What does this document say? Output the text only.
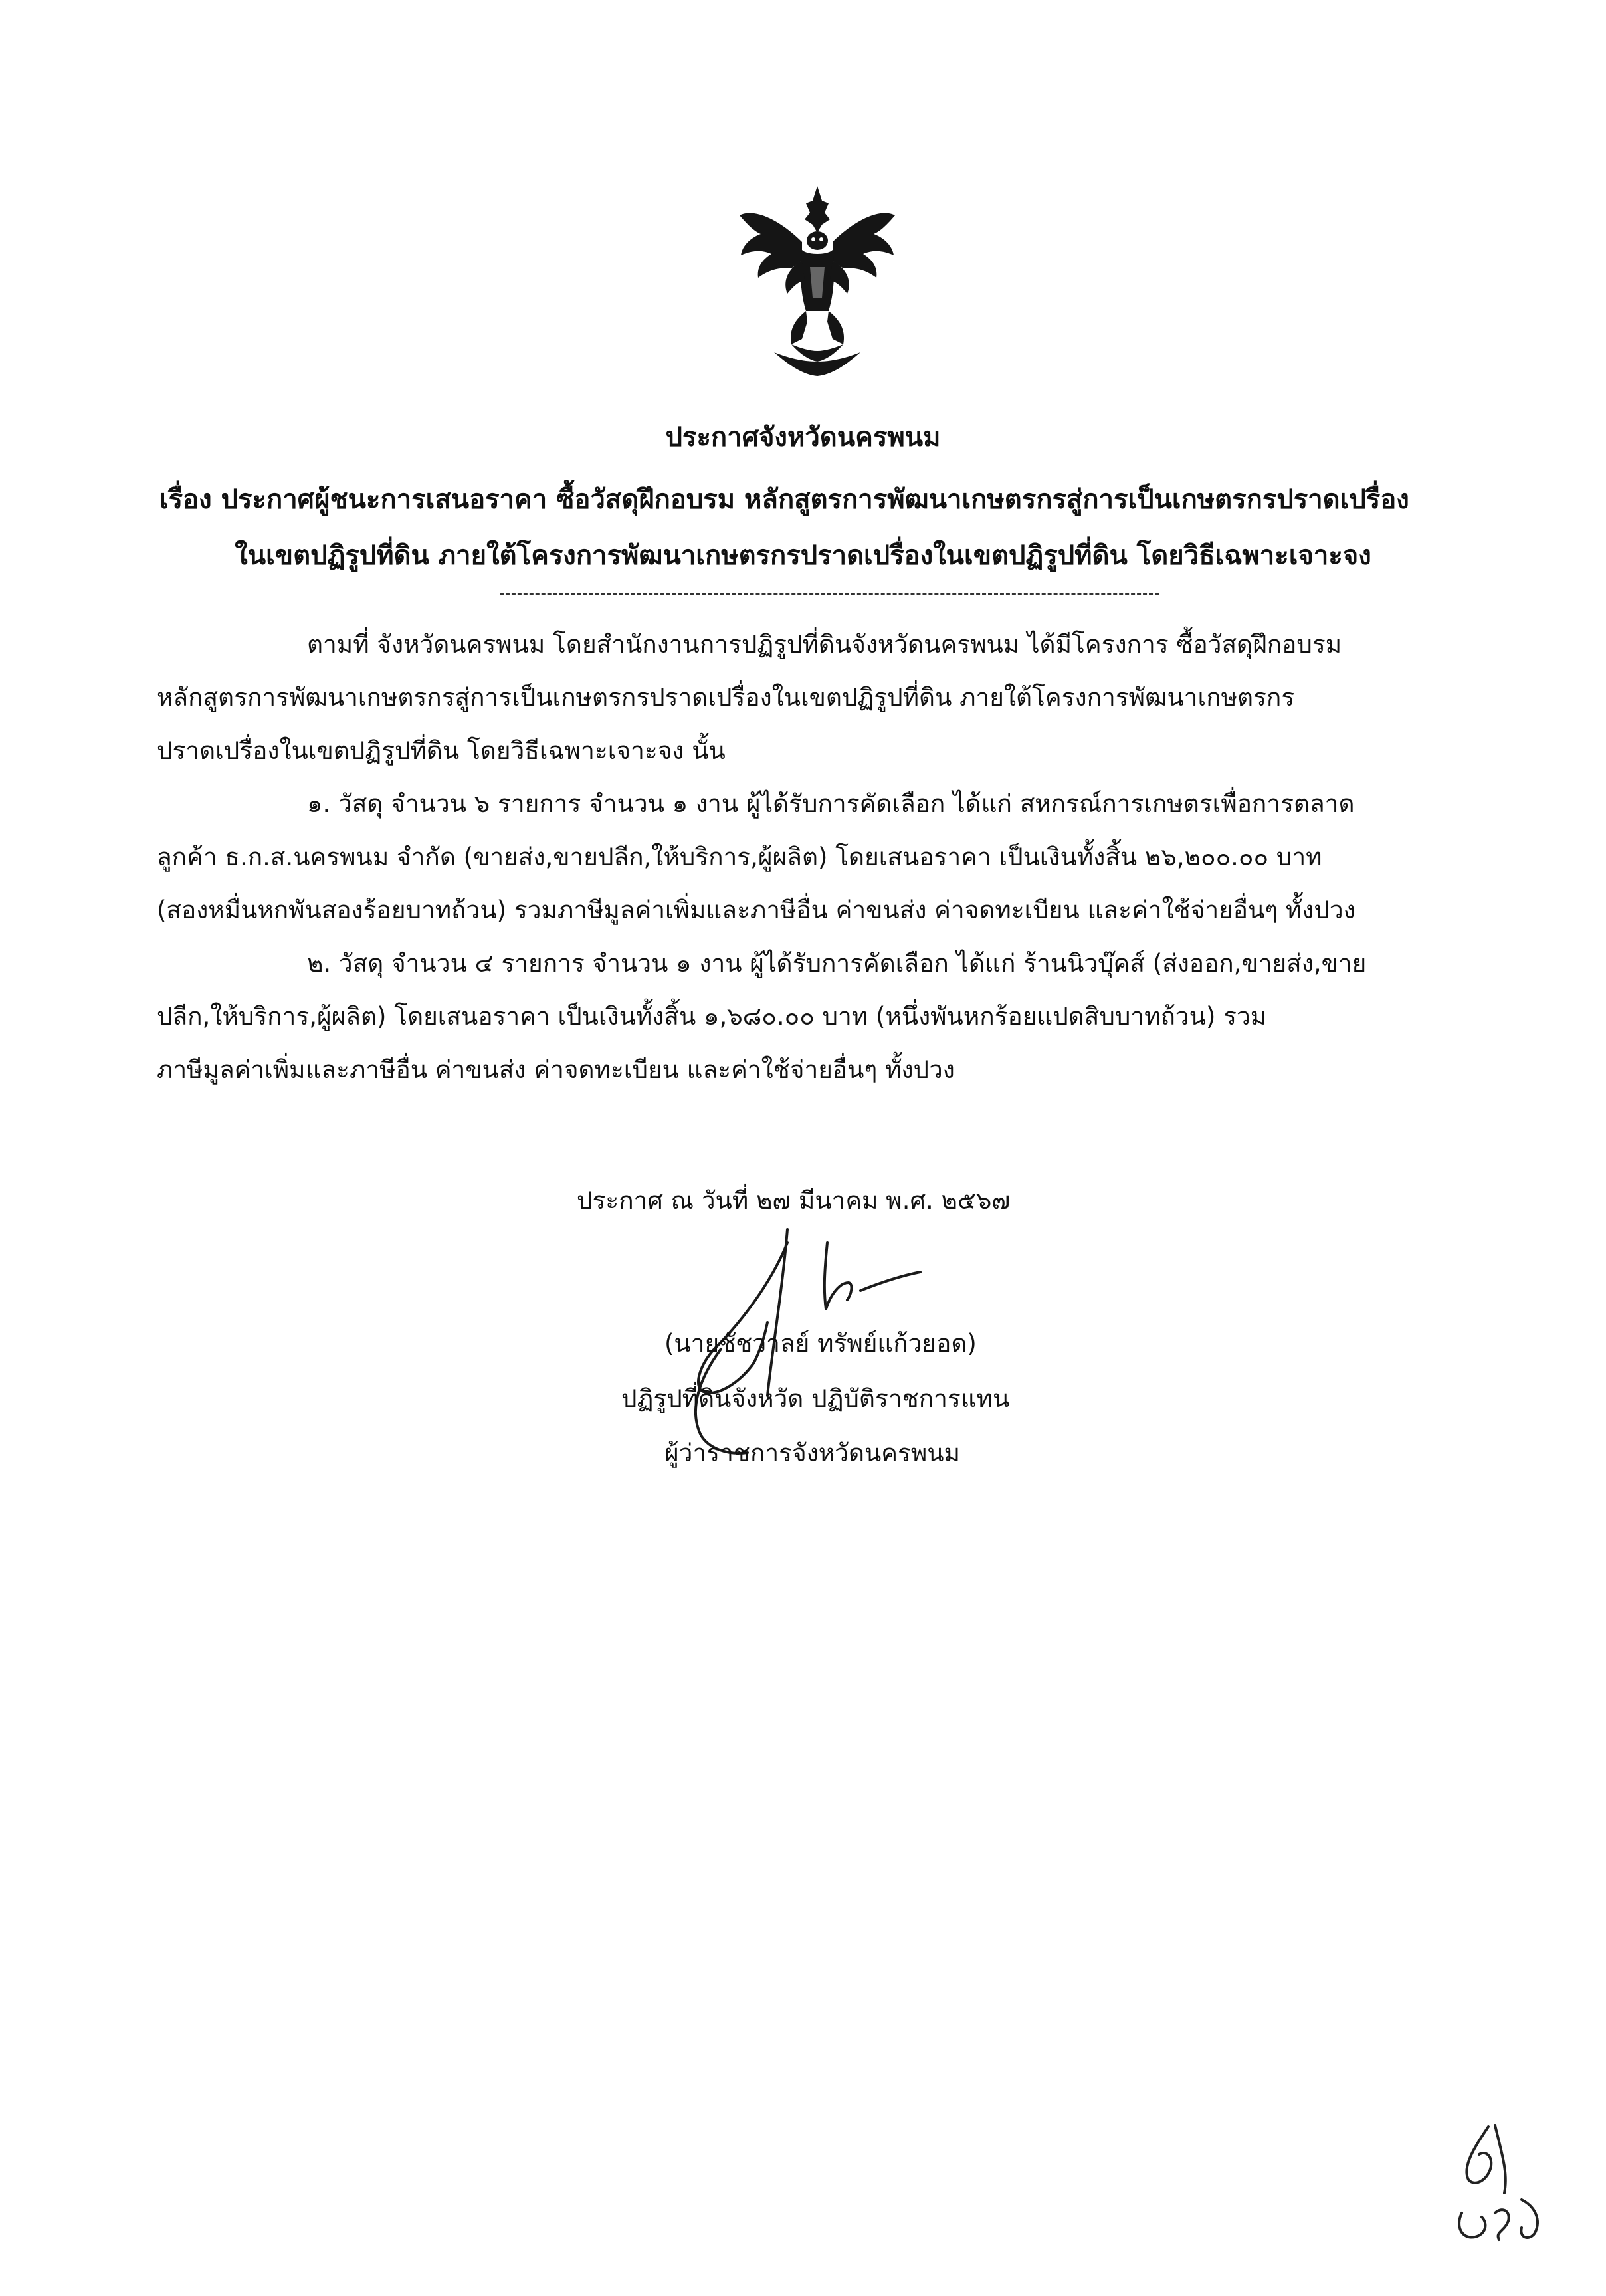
ประกาศจังหวัดนครพนม
เรื่อง ประกาศผู้ชนะการเสนอราคา ซื้อวัสดุฝึกอบรม หลักสูตรการพัฒนาเกษตรกรสู่การเป็นเกษตรกรปราดเปรื่อง
ในเขตปฏิรูปที่ดิน ภายใต้โครงการพัฒนาเกษตรกรปราดเปรื่องในเขตปฏิรูปที่ดิน โดยวิธีเฉพาะเจาะจง
ตามที่ จังหวัดนครพนม โดยสำนักงานการปฏิรูปที่ดินจังหวัดนครพนม ได้มีโครงการ ซื้อวัสดุฝึกอบรม
หลักสูตรการพัฒนาเกษตรกรสู่การเป็นเกษตรกรปราดเปรื่องในเขตปฏิรูปที่ดิน ภายใต้โครงการพัฒนาเกษตรกร
ปราดเปรื่องในเขตปฏิรูปที่ดิน โดยวิธีเฉพาะเจาะจง นั้น
๑. วัสดุ จำนวน ๖ รายการ จำนวน ๑ งาน ผู้ได้รับการคัดเลือก ได้แก่ สหกรณ์การเกษตรเพื่อการตลาด
ลูกค้า ธ.ก.ส.นครพนม จำกัด (ขายส่ง,ขายปลีก,ให้บริการ,ผู้ผลิต) โดยเสนอราคา เป็นเงินทั้งสิ้น ๒๖,๒๐๐.๐๐ บาท
(สองหมื่นหกพันสองร้อยบาทถ้วน) รวมภาษีมูลค่าเพิ่มและภาษีอื่น ค่าขนส่ง ค่าจดทะเบียน และค่าใช้จ่ายอื่นๆ ทั้งปวง
๒. วัสดุ จำนวน ๔ รายการ จำนวน ๑ งาน ผู้ได้รับการคัดเลือก ได้แก่ ร้านนิวบุ๊คส์ (ส่งออก,ขายส่ง,ขาย
ปลีก,ให้บริการ,ผู้ผลิต) โดยเสนอราคา เป็นเงินทั้งสิ้น ๑,๖๘๐.๐๐ บาท (หนึ่งพันหกร้อยแปดสิบบาทถ้วน) รวม
ภาษีมูลค่าเพิ่มและภาษีอื่น ค่าขนส่ง ค่าจดทะเบียน และค่าใช้จ่ายอื่นๆ ทั้งปวง
ประกาศ ณ วันที่ ๒๗ มีนาคม พ.ศ. ๒๕๖๗
(นายชัชวาลย์ ทรัพย์แก้วยอด)
ปฏิรูปที่ดินจังหวัด ปฏิบัติราชการแทน
ผู้ว่าราชการจังหวัดนครพนม
